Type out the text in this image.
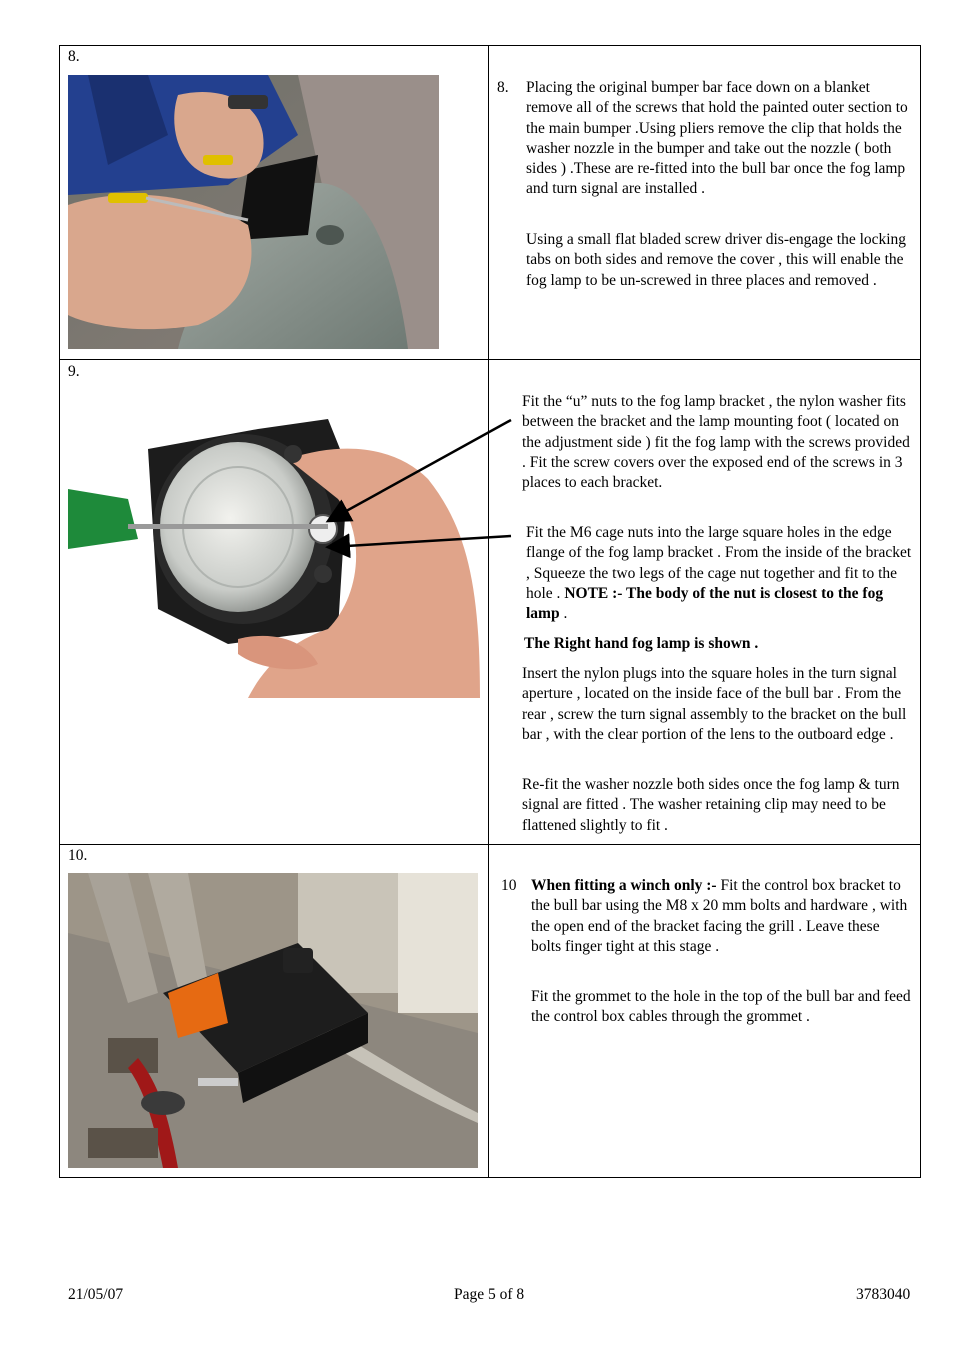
8.
8. Placing the original bumper bar face down on a blanket remove all of the screws that hold the painted outer section to the main bumper .Using pliers remove the clip that holds the washer nozzle in the bumper and take out the nozzle ( both sides ) .These are re-fitted into the bull bar once the fog lamp and turn signal are installed .

Using a small flat bladed screw driver dis-engage the locking tabs on both sides and remove the cover , this will enable the fog lamp to be un-screwed in three places and removed .

9.

Fit the “u” nuts to the fog lamp bracket , the nylon washer fits between the bracket and the lamp mounting foot ( located on the adjustment side ) fit the fog lamp with the screws provided . Fit the screw covers over the exposed end of the screws in 3 places to each bracket.

Fit the M6 cage nuts into the large square holes in the edge flange of the fog lamp bracket . From the inside of the bracket , Squeeze the two legs of the cage nut together and fit to the hole . NOTE :- The body of the nut is closest to the fog lamp .

The Right hand fog lamp is shown .

Insert the nylon plugs into the square holes in the turn signal aperture , located on the inside face of the bull bar . From the rear , screw the turn signal assembly to the bracket on the bull bar , with the clear portion of the lens to the outboard edge .

Re-fit the washer nozzle both sides once the fog lamp & turn signal are fitted . The washer retaining clip may need to be flattened slightly to fit .

10.
10 When fitting a winch only :- Fit the control box bracket to the bull bar using the M8 x 20 mm bolts and hardware , with the open end of the bracket facing the grill . Leave these bolts finger tight at this stage .

Fit the grommet to the hole in the top of the bull bar and feed the control box cables through the grommet .

21/05/07	Page 5 of 8	3783040
